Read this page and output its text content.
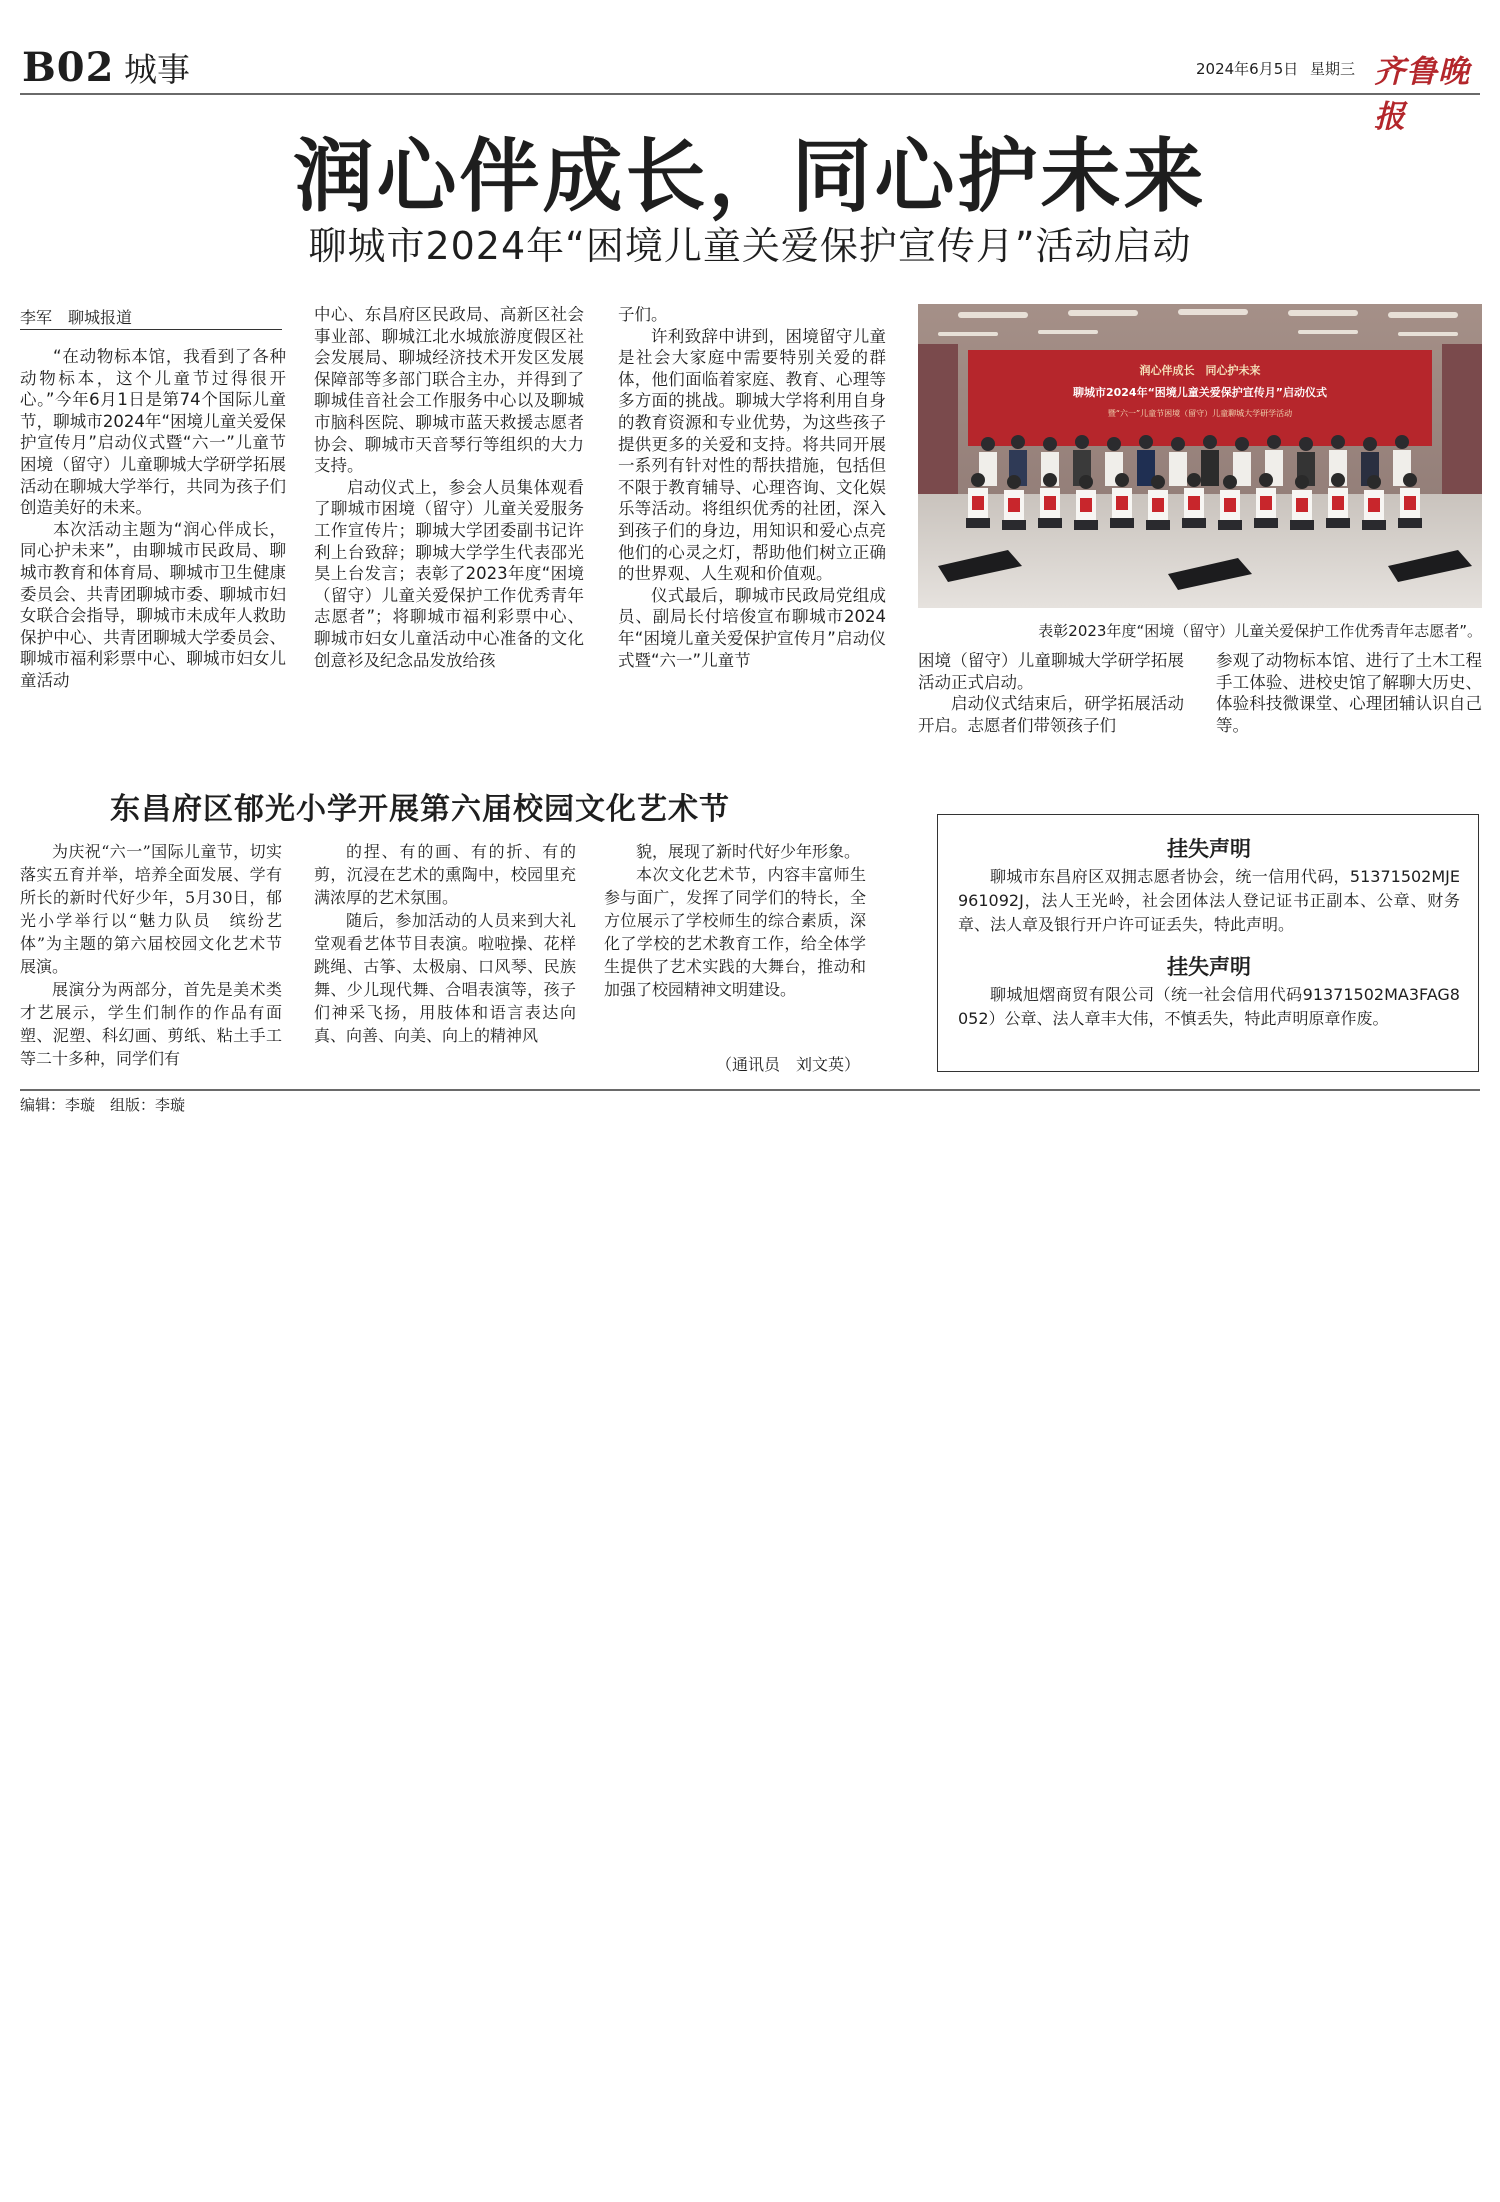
B02 城事	2024年6月5日 星期三 齐鲁晚报
润心伴成长，同心护未来
聊城市2024年“困境儿童关爱保护宣传月”活动启动
李军　聊城报道

“在动物标本馆，我看到了各种动物标本，这个儿童节过得很开心。”今年6月1日是第74个国际儿童节，聊城市2024年“困境儿童关爱保护宣传月”启动仪式暨“六一”儿童节困境（留守）儿童聊城大学研学拓展活动在聊城大学举行，共同为孩子们创造美好的未来。

本次活动主题为“润心伴成长，同心护未来”，由聊城市民政局、聊城市教育和体育局、聊城市卫生健康委员会、共青团聊城市委、聊城市妇女联合会指导，聊城市未成年人救助保护中心、共青团聊城大学委员会、聊城市福利彩票中心、聊城市妇女儿童活动

中心、东昌府区民政局、高新区社会事业部、聊城江北水城旅游度假区社会发展局、聊城经济技术开发区发展保障部等多部门联合主办，并得到了聊城佳音社会工作服务中心以及聊城市脑科医院、聊城市蓝天救援志愿者协会、聊城市天音琴行等组织的大力支持。

启动仪式上，参会人员集体观看了聊城市困境（留守）儿童关爱服务工作宣传片；聊城大学团委副书记许利上台致辞；聊城大学学生代表邵光昊上台发言；表彰了2023年度“困境（留守）儿童关爱保护工作优秀青年志愿者”；将聊城市福利彩票中心、聊城市妇女儿童活动中心准备的文化创意衫及纪念品发放给孩

子们。

许利致辞中讲到，困境留守儿童是社会大家庭中需要特别关爱的群体，他们面临着家庭、教育、心理等多方面的挑战。聊城大学将利用自身的教育资源和专业优势，为这些孩子提供更多的关爱和支持。将共同开展一系列有针对性的帮扶措施，包括但不限于教育辅导、心理咨询、文化娱乐等活动。将组织优秀的社团，深入到孩子们的身边，用知识和爱心点亮他们的心灵之灯，帮助他们树立正确的世界观、人生观和价值观。

仪式最后，聊城市民政局党组成员、副局长付培俊宣布聊城市2024年“困境儿童关爱保护宣传月”启动仪式暨“六一”儿童节

润心伴成长　同心护未来
聊城市2024年“困境儿童关爱保护宣传月”启动仪式
暨“六一”儿童节困境（留守）儿童聊城大学研学活动
表彰2023年度“困境（留守）儿童关爱保护工作优秀青年志愿者”。

困境（留守）儿童聊城大学研学拓展活动正式启动。

启动仪式结束后，研学拓展活动开启。志愿者们带领孩子们

参观了动物标本馆、进行了土木工程手工体验、进校史馆了解聊大历史、体验科技微课堂、心理团辅认识自己等。

东昌府区郁光小学开展第六届校园文化艺术节

为庆祝“六一”国际儿童节，切实落实五育并举，培养全面发展、学有所长的新时代好少年，5月30日，郁光小学举行以“魅力队员　缤纷艺体”为主题的第六届校园文化艺术节展演。

展演分为两部分，首先是美术类才艺展示，学生们制作的作品有面塑、泥塑、科幻画、剪纸、粘土手工等二十多种，同学们有

的捏、有的画、有的折、有的剪，沉浸在艺术的熏陶中，校园里充满浓厚的艺术氛围。

随后，参加活动的人员来到大礼堂观看艺体节目表演。啦啦操、花样跳绳、古筝、太极扇、口风琴、民族舞、少儿现代舞、合唱表演等，孩子们神采飞扬，用肢体和语言表达向真、向善、向美、向上的精神风

貌，展现了新时代好少年形象。

本次文化艺术节，内容丰富师生参与面广，发挥了同学们的特长，全方位展示了学校师生的综合素质，深化了学校的艺术教育工作，给全体学生提供了艺术实践的大舞台，推动和加强了校园精神文明建设。

（通讯员　刘文英）
挂失声明

聊城市东昌府区双拥志愿者协会，统一信用代码，51371502MJE961092J，法人王光岭，社会团体法人登记证书正副本、公章、财务章、法人章及银行开户许可证丢失，特此声明。

挂失声明

聊城旭熠商贸有限公司（统一社会信用代码91371502MA3FAG8052）公章、法人章丰大伟，不慎丢失，特此声明原章作废。

编辑：李璇　组版：李璇
